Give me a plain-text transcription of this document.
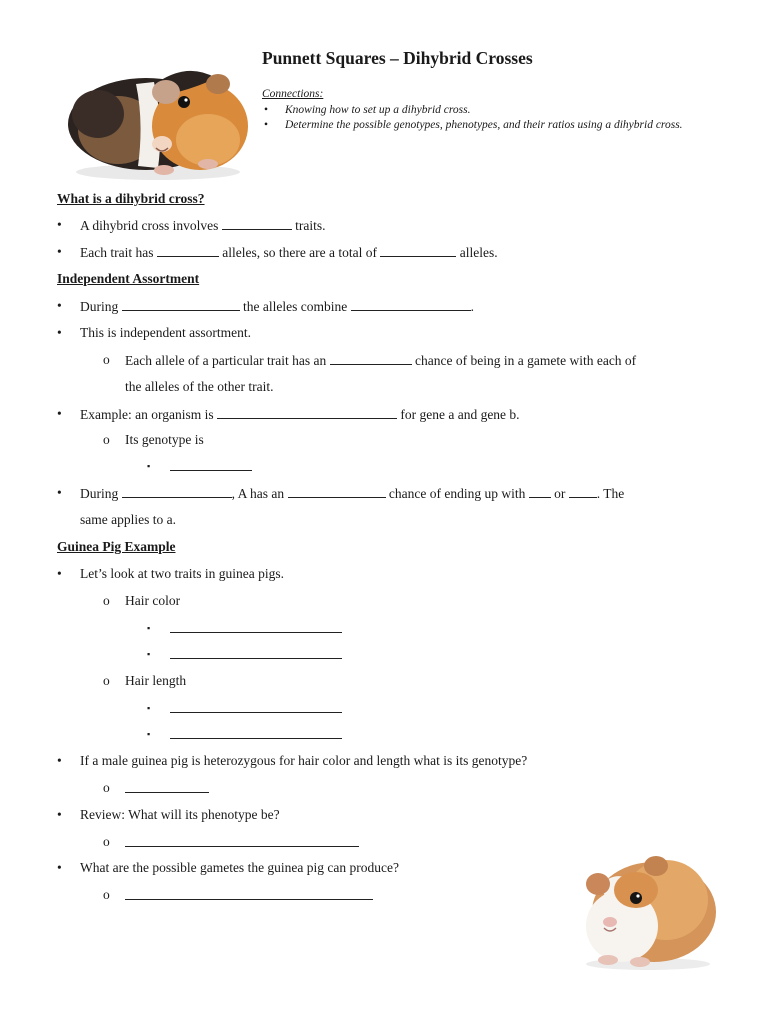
Punnett Squares – Dihybrid Crosses
Connections:
• Knowing how to set up a dihybrid cross.
• Determine the possible genotypes, phenotypes, and their ratios using a dihybrid cross.
What is a dihybrid cross?
• A dihybrid cross involves	traits.
• Each trait has	alleles, so there are a total of	alleles.
Independent Assortment
• During	the alleles combine	.
• This is independent assortment.
o Each allele of a particular trait has an	chance of being in a gamete with each of
the alleles of the other trait.
• Example: an organism is	for gene a and gene b.
o Its genotype is
▪
• During	, A has an	chance of ending up with  or . The
same applies to a.
Guinea Pig Example
• Let’s look at two traits in guinea pigs.
o Hair color
▪
▪
o Hair length
▪
▪
• If a male guinea pig is heterozygous for hair color and length what is its genotype?
o
• Review: What will its phenotype be?
o
• What are the possible gametes the guinea pig can produce?
o
